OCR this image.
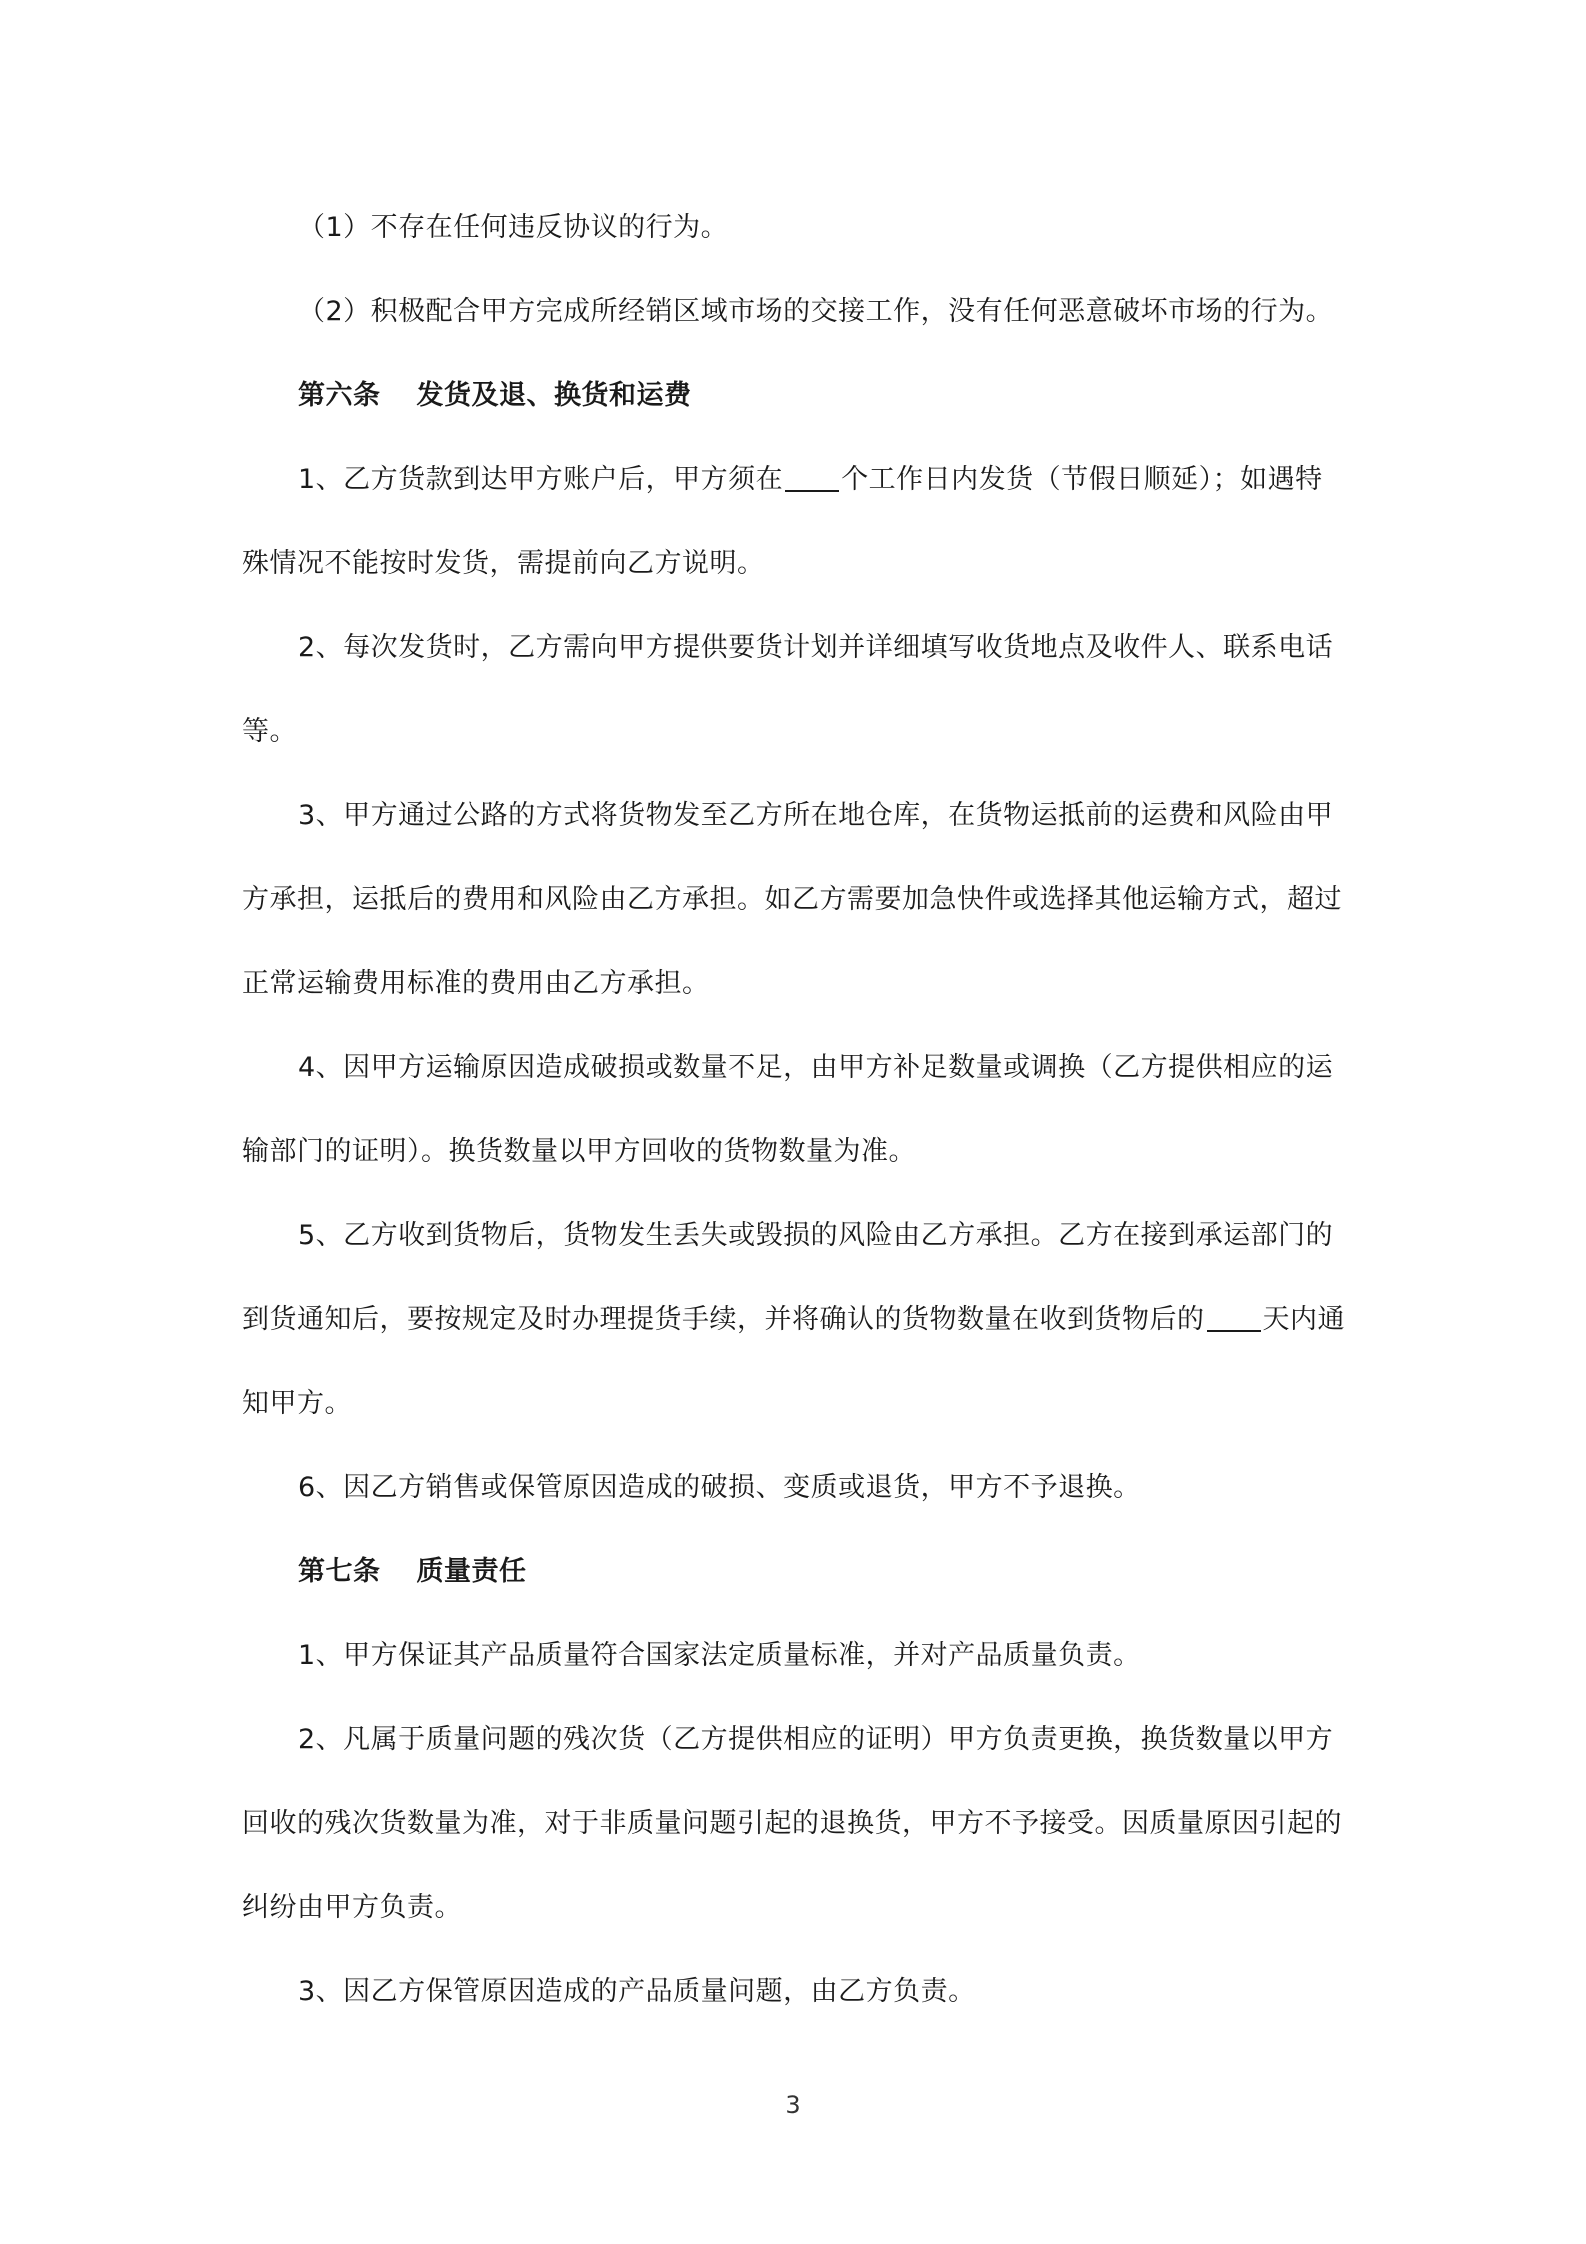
（1）不存在任何违反协议的行为。
（2）积极配合甲方完成所经销区域市场的交接工作，没有任何恶意破坏市场的行为。
第六条 发货及退、换货和运费
1、乙方货款到达甲方账户后，甲方须在 个工作日内发货（节假日顺延）；如遇特
殊情况不能按时发货，需提前向乙方说明。
2、每次发货时，乙方需向甲方提供要货计划并详细填写收货地点及收件人、联系电话
等。
3、甲方通过公路的方式将货物发至乙方所在地仓库，在货物运抵前的运费和风险由甲
方承担，运抵后的费用和风险由乙方承担。如乙方需要加急快件或选择其他运输方式，超过
正常运输费用标准的费用由乙方承担。
4、因甲方运输原因造成破损或数量不足，由甲方补足数量或调换（乙方提供相应的运
输部门的证明）。换货数量以甲方回收的货物数量为准。
5、乙方收到货物后，货物发生丢失或毁损的风险由乙方承担。乙方在接到承运部门的
到货通知后，要按规定及时办理提货手续，并将确认的货物数量在收到货物后的 天内通
知甲方。
6、因乙方销售或保管原因造成的破损、变质或退货，甲方不予退换。
第七条 质量责任
1、甲方保证其产品质量符合国家法定质量标准，并对产品质量负责。
2、凡属于质量问题的残次货（乙方提供相应的证明）甲方负责更换，换货数量以甲方
回收的残次货数量为准，对于非质量问题引起的退换货，甲方不予接受。因质量原因引起的
纠纷由甲方负责。
3、因乙方保管原因造成的产品质量问题，由乙方负责。
3
